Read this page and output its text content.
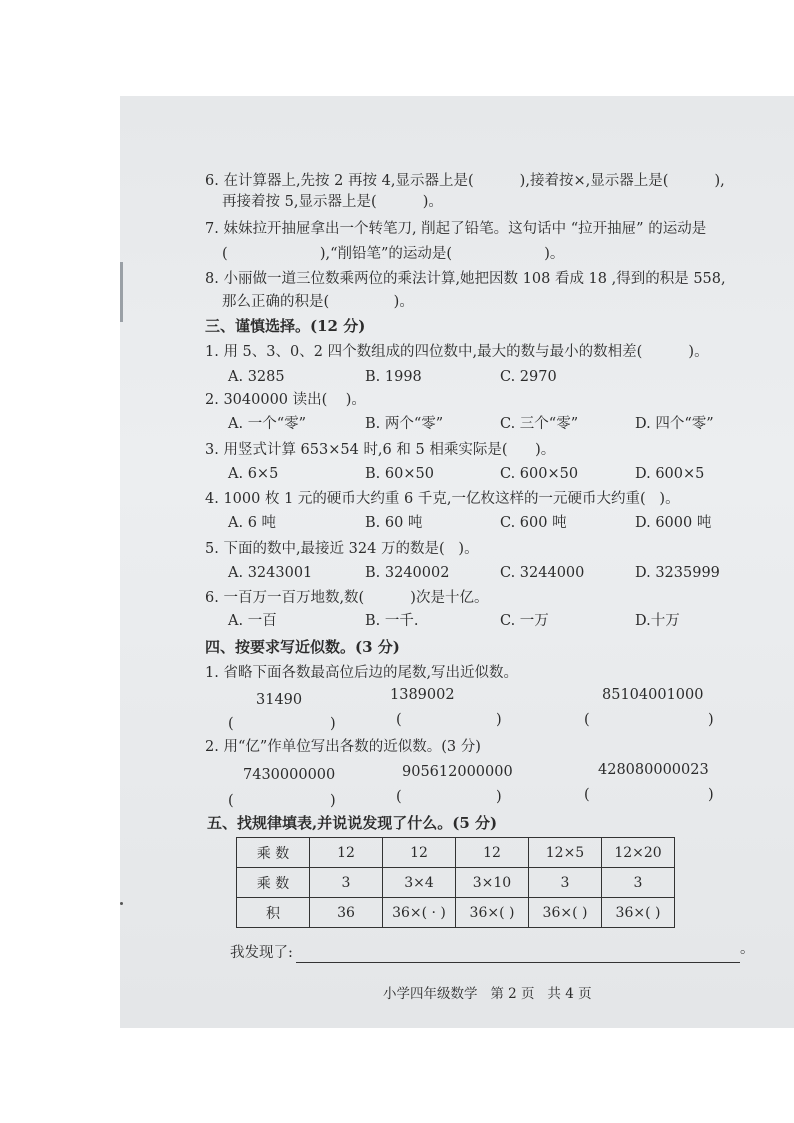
6. 在计算器上,先按 2 再按 4,显示器上是(          ),接着按×,显示器上是(          ),
再接着按 5,显示器上是(          )。
7. 妹妹拉开抽屉拿出一个转笔刀, 削起了铅笔。这句话中 “拉开抽屉” 的运动是
(                    ),“削铅笔”的运动是(                    )。
8. 小丽做一道三位数乘两位的乘法计算,她把因数 108 看成 18 ,得到的积是 558,
那么正确的积是(              )。
三、谨慎选择。(12 分)
1. 用 5、3、0、2 四个数组成的四位数中,最大的数与最小的数相差(          )。
A. 3285	B. 1998	C. 2970
2. 3040000 读出(    )。
A. 一个“零”	B. 两个“零”	C. 三个“零”	D. 四个“零”
3. 用竖式计算 653×54 时,6 和 5 相乘实际是(      )。
A. 6×5	B. 60×50	C. 600×50	D. 600×5
4. 1000 枚 1 元的硬币大约重 6 千克,一亿枚这样的一元硬币大约重(   )。
A. 6 吨	B. 60 吨	C. 600 吨	D. 6000 吨
5. 下面的数中,最接近 324 万的数是(   )。
A. 3243001	B. 3240002	C. 3244000	D. 3235999
6. 一百万一百万地数,数(          )次是十亿。
A. 一百	B. 一千.	C. 一万	D.十万
四、按要求写近似数。(3 分)
1. 省略下面各数最高位后边的尾数,写出近似数。
31490	1389002	85104001000
(	)	(	)	(	)
2. 用“亿”作单位写出各数的近似数。(3 分)
7430000000	905612000000	428080000023
(	)	(	)	(	)
五、找规律填表,并说说发现了什么。(5 分)
乘 数	12	12	12	12×5	12×20
乘 数	3	3×4	3×10	3	3
积	36	36×( · )	36×( )	36×( )	36×( )
我发现了:	。
小学四年级数学   第 2 页   共 4 页
